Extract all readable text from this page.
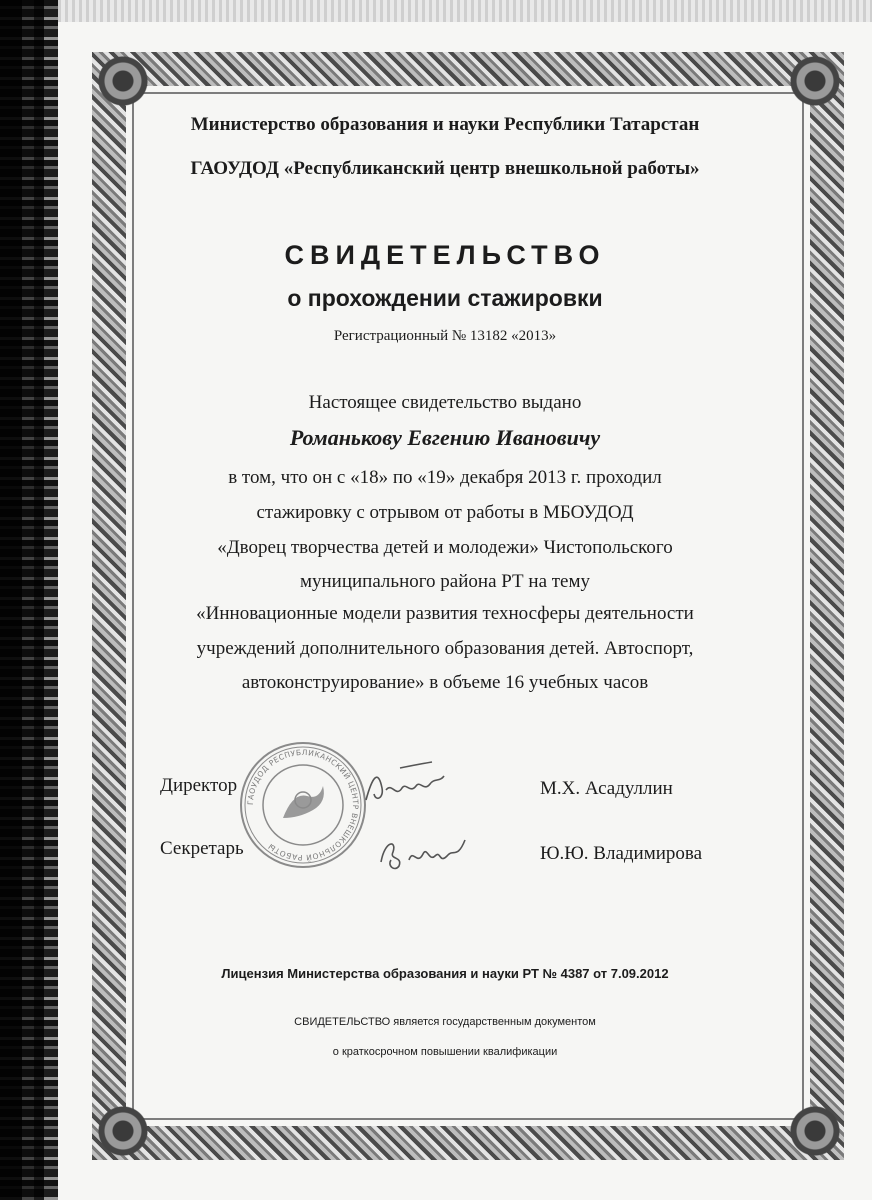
Министерство образования и науки Республики Татарстан
ГАОУДОД «Республиканский центр внешкольной работы»
СВИДЕТЕЛЬСТВО
о прохождении стажировки
Регистрационный № 13182 «2013»
Настоящее свидетельство выдано
Романькову Евгению Ивановичу
в том, что он с «18» по «19» декабря 2013 г. проходил
стажировку с отрывом от работы в МБОУДОД
«Дворец творчества детей и молодежи» Чистопольского
муниципального района РТ на тему
«Инновационные модели развития техносферы деятельности
учреждений дополнительного образования детей. Автоспорт,
автоконструирование» в объеме 16 учебных часов
Лицензия Министерства образования и науки РТ № 4387 от 7.09.2012
СВИДЕТЕЛЬСТВО является государственным документом
о краткосрочном повышении квалификации
Директор	М.Х. Асадуллин
Секретарь	Ю.Ю. Владимирова
ГАОУДОД РЕСПУБЛИКАНСКИЙ ЦЕНТР ВНЕШКОЛЬНОЙ РАБОТЫ
